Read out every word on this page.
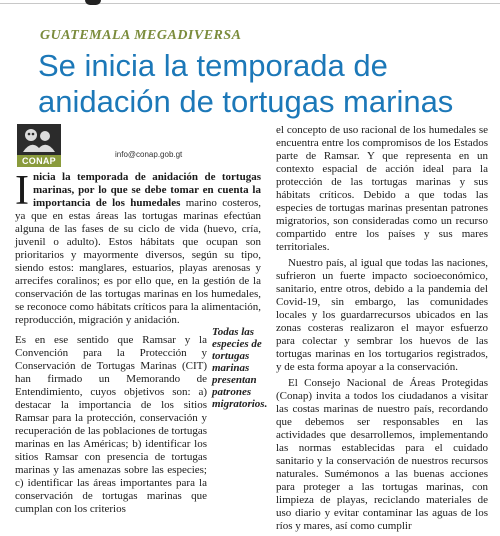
GUATEMALA MEGADIVERSA
Se inicia la temporada de anidación de tortugas marinas
CONAP
info@conap.gob.gt

Inicia la temporada de anidación de tortugas marinas, por lo que se debe tomar en cuenta la importancia de los humedales marino costeros, ya que en estas áreas las tortugas marinas efectúan alguna de las fases de su ciclo de vida (huevo, cría, juvenil o adulto). Estos hábitats que ocupan son prioritarios y mayormente diversos, según su tipo, siendo estos: manglares, estuarios, playas arenosas y arrecifes coralinos; es por ello que, en la gestión de la conservación de las tortugas marinas en los humedales, se reconoce como hábitats críticos para la alimentación, reproducción, migración y anidación.

Todas las especies de tortugas marinas presentan patrones migratorios.

Es en ese sentido que Ramsar y la Convención para la Protección y Conservación de Tortugas Marinas (CIT) han firmado un Memorando de Entendimiento, cuyos objetivos son: a) destacar la importancia de los sitios Ramsar para la protección, conservación y recuperación de las poblaciones de tortugas marinas en las Américas; b) identificar los sitios Ramsar con presencia de tortugas marinas y las amenazas sobre las especies; c) identificar las áreas importantes para la conservación de tortugas marinas que cumplan con los criterios

el concepto de uso racional de los humedales se encuentra entre los compromisos de los Estados parte de Ramsar. Y que representa en un contexto espacial de acción ideal para la protección de las tortugas marinas y sus hábitats críticos. Debido a que todas las especies de tortugas marinas presentan patrones migratorios, son consideradas como un recurso compartido entre los países y sus mares territoriales.

Nuestro país, al igual que todas las naciones, sufrieron un fuerte impacto socioeconómico, sanitario, entre otros, debido a la pandemia del Covid-19, sin embargo, las comunidades locales y los guardarrecursos ubicados en las zonas costeras realizaron el mayor esfuerzo para colectar y sembrar los huevos de las tortugas marinas en los tortugarios registrados, y de esta forma apoyar a la conservación.

El Consejo Nacional de Áreas Protegidas (Conap) invita a todos los ciudadanos a visitar las costas marinas de nuestro país, recordando que debemos ser responsables en las actividades que desarrollemos, implementando las normas establecidas para el cuidado sanitario y la conservación de nuestros recursos naturales. Sumémonos a las buenas acciones para proteger a las tortugas marinas, con limpieza de playas, reciclando materiales de uso diario y evitar contaminar las aguas de los ríos y mares, así como cumplir
